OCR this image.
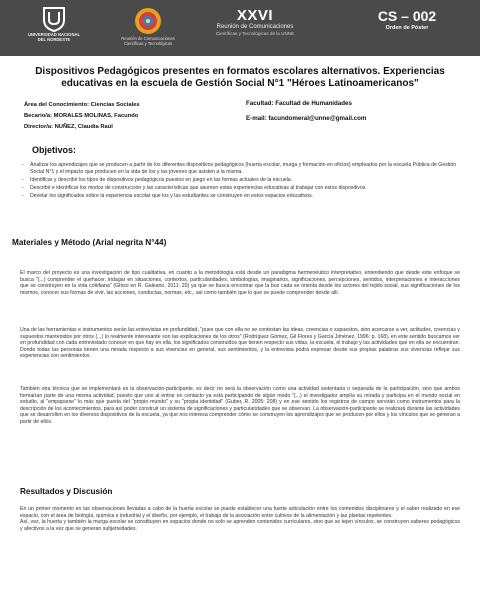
UNIVERSIDAD NACIONAL DEL NORDESTE	Reunión de Comunicaciones Científicas y Tecnológicas
XXVI
Reunión de Comunicaciones
Científicas y Tecnológicas de la UNNE
CS – 002
Orden de Póster
Dispositivos Pedagógicos presentes en formatos escolares alternativos. Experiencias educativas en la escuela de Gestión Social N°1 "Héroes Latinoamericanos"
Área del Conocimiento: Ciencias Sociales
Becario/a: MORALES MOLINAS, Facundo
Director/a: NUÑEZ, Claudia Raúl
Facultad: Facultad de Humanidades
E-mail: facundomeral@unne@gmail.com
Objetivos:
-	Analizar los aprendizajes que se producen a partir de los diferentes dispositivos pedagógicos (huerta escolar, murga y formación en oficios) empleados por la escuela Pública de Gestión Social N°1 y el impacto que producen en la vida de los y las jóvenes que asisten a la misma.
-	Identificar y describir los tipos de dispositivos pedagógicos puestos en juego en las formas actuales de la escuela.
-	Describir e identificar los modos de construcción y las características que asumen estas experiencias educativas al trabajar con estos dispositivos.
-	Develar los significados sobre la experiencia escolar que los y las estudiantes se construyen en estos espacios educativos.
Materiales y Método (Arial negrita N°44)
El marco del proyecto es una investigación de tipo cualitativa, en cuanto a la metodología está desde un paradigma hermenéutico interpretativo, entendiendo que desde este enfoque se busca "(...) comprender el quehacer, indagar en situaciones, contextos, particularidades, simbologías, imaginarios, significaciones, percepciones, sentidos, interpretaciones e interacciones que se construyen en la vida cotidiana" (Ghiso en R. Galeano, 2011: 20) ya que se busca encontrar que la bus cada se orienta desde los actores del tejido social, sus significaciones de los mismos, conocer sus formas de vivir, las acciones, conductas, normas, etc., asi como también que lo que se puede comprender desde allí.
Una de las herramientas e instrumentos serán las entrevistas en profundidad, "pues que con ella no se contestan las ideas, creencias o supuestos, sino acercarse a ver, actitudes, creencias y supuestos mantenidos por otros (...) lo realmente interesante son las explicaciones de los otros" (Rodríguez Gómez, Gil Flores y García Jiménez, 1996: p. 168), en este sentido buscamos ver en profundidad con cada entrevistado conocer en que hay en ella, los significados construidos que tienen respecto sus vidas, la escuela, el trabajo y las actividades que en ella se encuentran. Donde todas las personas tienen una mirada respecto a sus vivencias en general, sus sentimientos, y la entrevista podrá expresar desde sus propias palabras sus vivencias reflejar sus experiencias con sentimientos.
También otra técnica que se implementará es la observación-participante, es decir no será la observación como una actividad sedentaria o separada de la participación, sino que ambos formarían parte de una misma actividad, puesto que uno al entrar en contacto ya está participando de algún modo "(...) el investigador amplía su mirada y participa en el mundo social en estudio, al "empaparse" lo más que pueda del "propio mundo" y su "propia identidad" (Guber, R. 2005: 208) y en ese sentido los registros de campo servirán como instrumentos para la descripción de los acontecimientos, para así poder construir un sistema de significaciones y particularidades que se observan. La observación-participante se realizará durante las actividades que se desarrollen en los diversos dispositivos de la escuela, ya que nos interesa comprender cómo se construyen los aprendizajes que se producen por ellos y los vínculos que se generan a partir de ellos.
Resultados y Discusión
En un primer momento en las observaciones llevadas a cabo de la huerta escolar se puede establecer una fuerte articulación entre los contenidos disciplinares y el saber realizado en ese espacio, con el área de biología, química e industrial y el diseño, por ejemplo, el trabajo de la asociación entre cultivos de la alimentación y las plantas repelentes.
Así, vez, la huerta y también la murga escolar se constituyen en espacios donde no solo se aprenden contenidos curriculares, sino que se tejen vínculos, se construyen saberes pedagógicos y afectivos a la vez que se generan subjetividades.
